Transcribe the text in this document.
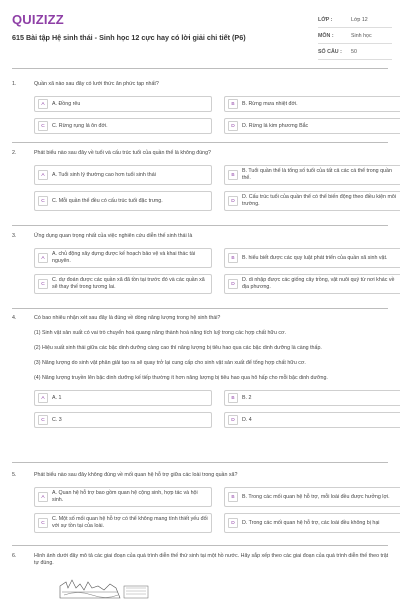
QUIZIZZ
615 Bài tập Hệ sinh thái - Sinh học 12 cực hay có lời giải chi tiết (P6)
LỚP :	Lớp 12
MÔN :	Sinh học
SỐ CÂU :	50
1.	Quần xã nào sau đây có lưới thức ăn phức tạp nhất?
A	A. Đồng rêu	B	B. Rừng mưa nhiệt đới.
C	C. Rừng rụng lá ôn đới.	D	D. Rừng lá kim phương Bắc
2.	Phát biểu nào sau đây về tuổi và cấu trúc tuổi của quần thể là không đúng?
A	A. Tuổi sinh lý thường cao hơn tuổi sinh thái	B
B. Tuổi quần thể là tổng số tuổi của tất cả các cá thể trong quần thể.
C	C. Mỗi quần thể đều có cấu trúc tuổi đặc trưng.	D
D. Cấu trúc tuổi của quần thể có thể biến động theo điều kiện môi trường.
3.	Ứng dụng quan trọng nhất của việc nghiên cứu diễn thế sinh thái là
A
A. chủ động xây dựng được kế hoạch bảo vệ và khai thác tài nguyên.	B	B. hiểu biết được các quy luật phát triển của quần xã sinh vật.
C
C. dự đoán được các quần xã đã tồn tại trước đó và các quần xã sẽ thay thế trong tương lai.	D
D. di nhập được các giống cây trồng, vật nuôi quý từ nơi khác về địa phương.
4.	Có bao nhiêu nhận xét sau đây là đúng về dòng năng lượng trong hệ sinh thái?
(1) Sinh vật sản xuất có vai trò chuyển hoá quang năng thành hoá năng tích luỹ trong các hợp chất hữu cơ.
(2) Hiệu suất sinh thái giữa các bậc dinh dưỡng càng cao thì năng lượng bị tiêu hao qua các bậc dinh dưỡng là càng thấp.
(3) Năng lượng do sinh vật phân giải tạo ra sẽ quay trở lại cung cấp cho sinh vật sản xuất để tổng hợp chất hữu cơ.
(4) Năng lượng truyền lên bậc dinh dưỡng kế tiếp thường ít hơn năng lượng bị tiêu hao qua hô hấp cho mỗi bậc dinh dưỡng.
A	A. 1	B	B. 2
C	C. 3	D	D. 4
5.	Phát biểu nào sau đây không đúng về mối quan hệ hỗ trợ giữa các loài trong quần xã?
A
A. Quan hệ hỗ trợ bao gồm quan hệ cộng sinh, hợp tác và hội sinh.	B	B. Trong các mối quan hệ hỗ trợ, mỗi loài đều được hưởng lợi.
C
C. Một số mối quan hệ hỗ trợ có thể không mang tính thiết yếu đối với sự tồn tại của loài.	D	D. Trong các mối quan hệ hỗ trợ, các loài đều không bị hại
6.	Hình ảnh dưới đây mô tả các giai đoạn của quá trình diễn thế thứ sinh tại một hồ nước. Hãy sắp xếp theo các giai đoạn của quá trình diễn thế theo trật tự đúng.
